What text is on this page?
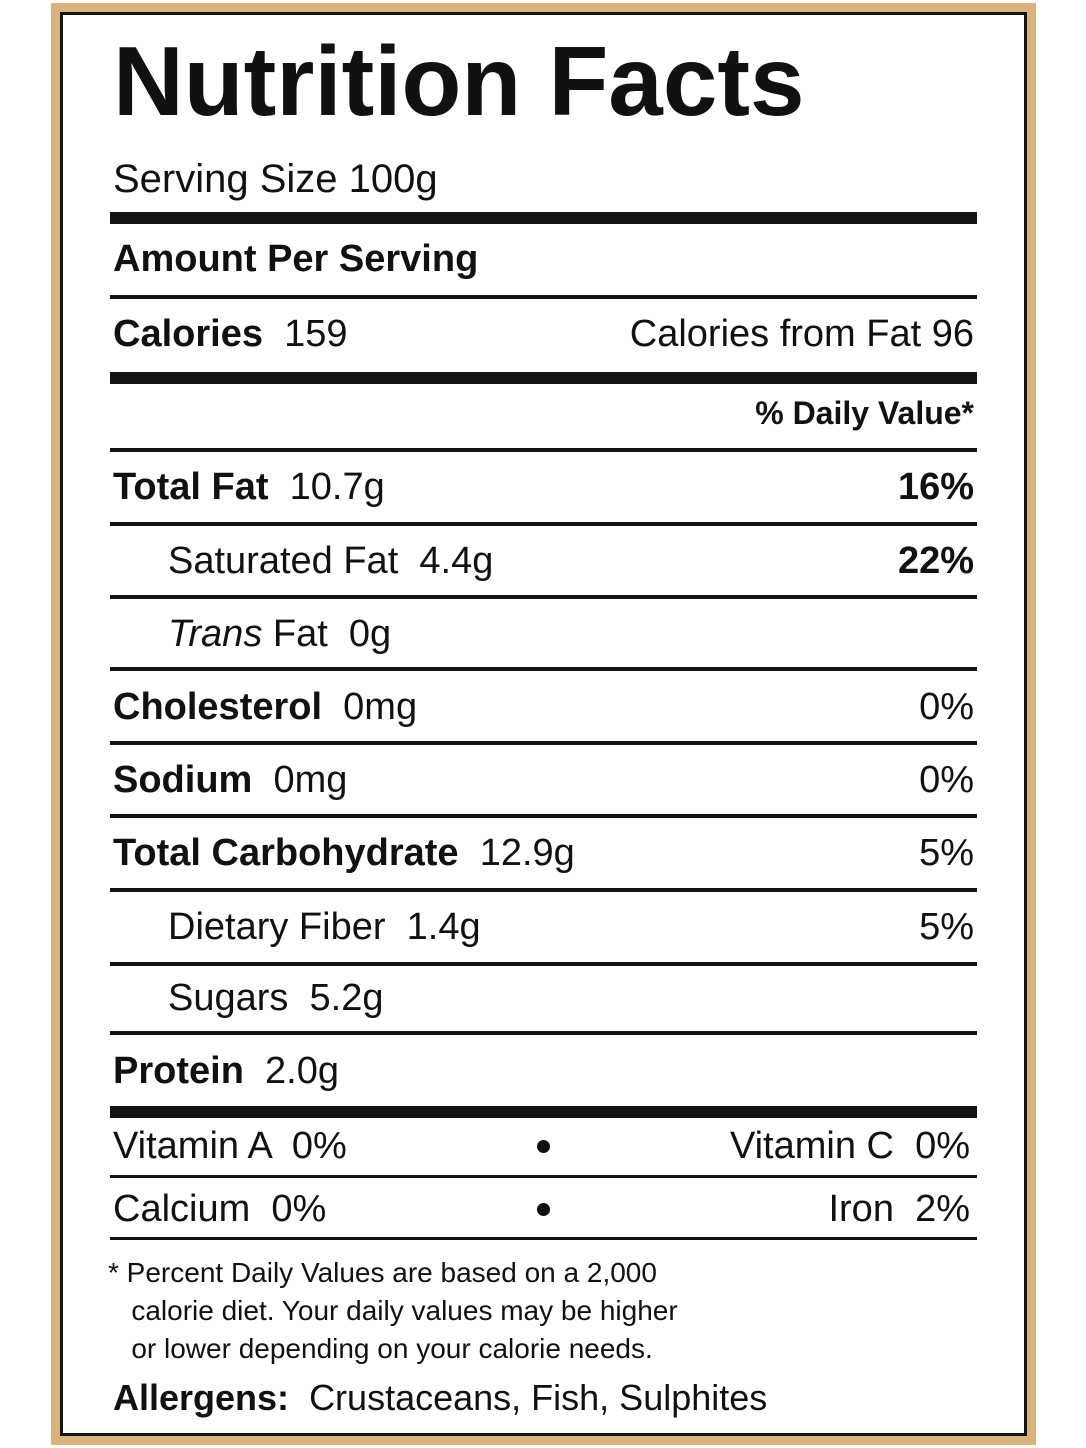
Nutrition Facts
Serving Size 100g
Amount Per Serving
Calories 159	Calories from Fat 96
% Daily Value*
Total Fat 10.7g	16%
Saturated Fat 4.4g	22%
Trans Fat 0g
Cholesterol 0mg	0%
Sodium 0mg	0%
Total Carbohydrate 12.9g	5%
Dietary Fiber 1.4g	5%
Sugars 5.2g
Protein 2.0g
Vitamin A  0%	Vitamin C  0%
Calcium  0%	Iron  2%
* Percent Daily Values are based on a 2,000
calorie diet. Your daily values may be higher
or lower depending on your calorie needs.
Allergens: Crustaceans, Fish, Sulphites
